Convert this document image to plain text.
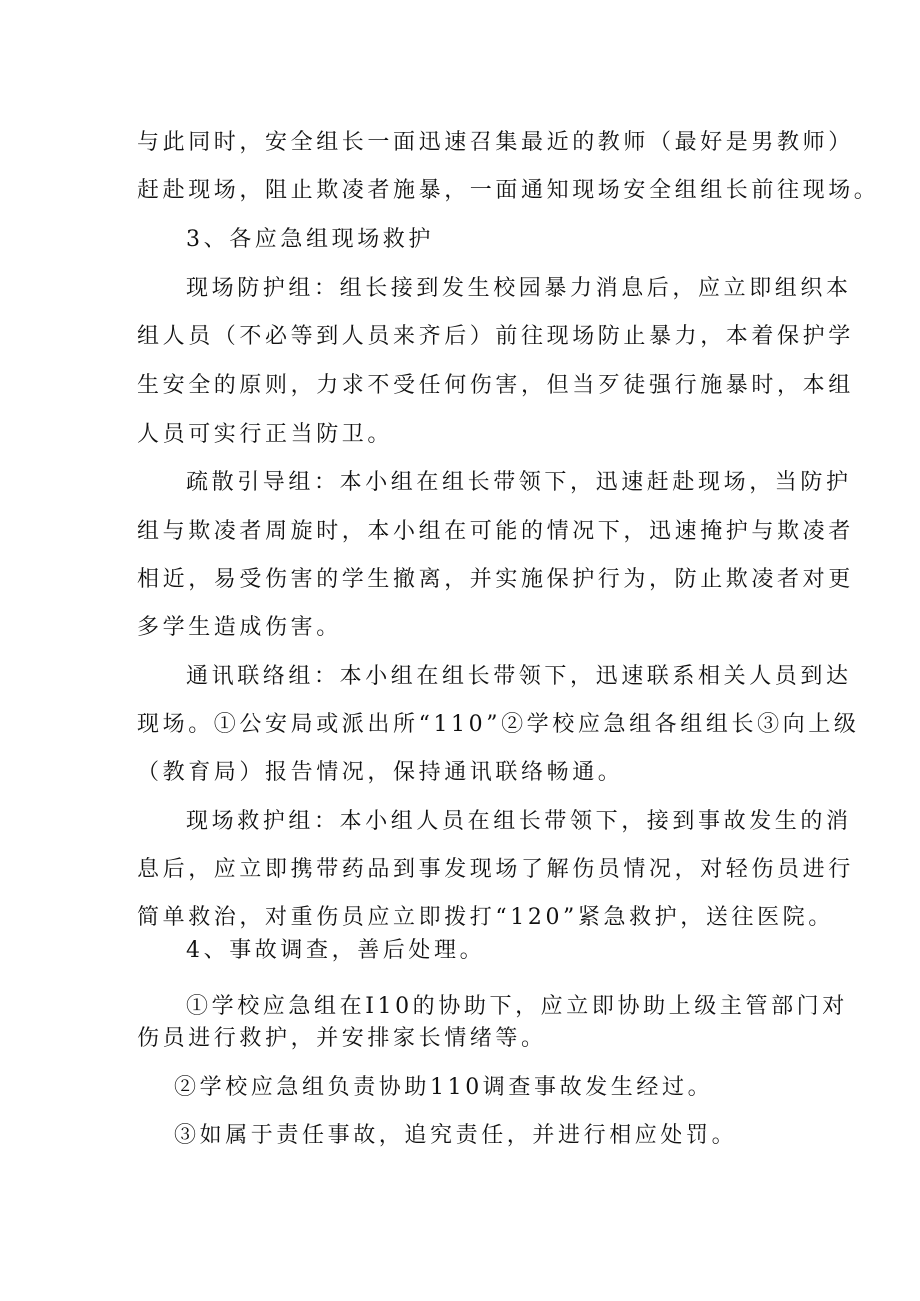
与此同时，安全组长一面迅速召集最近的教师（最好是男教师）
赶赴现场，阻止欺凌者施暴，一面通知现场安全组组长前往现场。
3、各应急组现场救护
现场防护组：组长接到发生校园暴力消息后，应立即组织本
组人员（不必等到人员来齐后）前往现场防止暴力，本着保护学
生安全的原则，力求不受任何伤害，但当歹徒强行施暴时，本组
人员可实行正当防卫。
疏散引导组：本小组在组长带领下，迅速赶赴现场，当防护
组与欺凌者周旋时，本小组在可能的情况下，迅速掩护与欺凌者
相近，易受伤害的学生撤离，并实施保护行为，防止欺凌者对更
多学生造成伤害。
通讯联络组：本小组在组长带领下，迅速联系相关人员到达
现场。①公安局或派出所“110”②学校应急组各组组长③向上级
（教育局）报告情况，保持通讯联络畅通。
现场救护组：本小组人员在组长带领下，接到事故发生的消
息后，应立即携带药品到事发现场了解伤员情况，对轻伤员进行
简单救治，对重伤员应立即拨打“120”紧急救护，送往医院。
4、事故调查，善后处理。
①学校应急组在I10的协助下，应立即协助上级主管部门对
伤员进行救护，并安排家长情绪等。
②学校应急组负责协助110调查事故发生经过。
③如属于责任事故，追究责任，并进行相应处罚。
